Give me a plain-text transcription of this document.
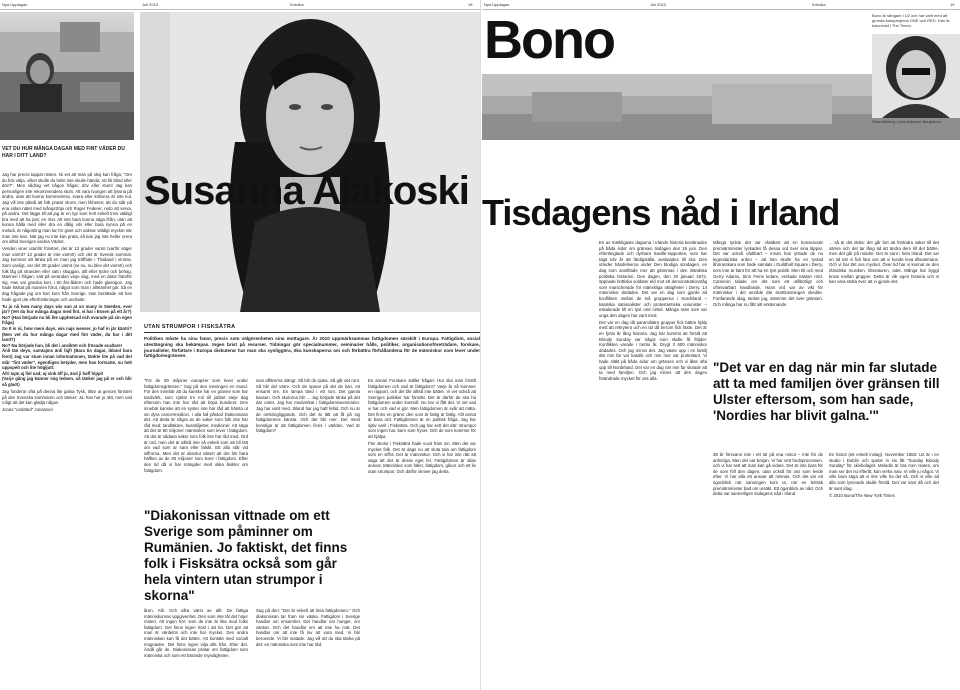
Nya Upplagan	Juli 2010	Krönika	18
VET DU HUR MÅNGA DAGAR MED FINT VÄDER DU HAR I DITT LAND?

Jag har precis tappat rösten. Ni vet att man på skoj kan fråga; "Om du fick välja, vilket skulle du helst inte skulle hända: Att bli blind eller döv?". Men sådrag vet någon frågar; döv eller stum! Jag kan personligen inte rekommendera stum. Att vara tvungen att lyssna på andra, utan att kunna kommentera, svara eller kritisera är inte kul. Jag vill inte påstå att folk pratar strunt, men likheten; att du står på ena sidan nätet med tvångströja och Roger Federer, redo att serva, på andra. Det läggs till att jag är en typ som helt enkelt trivs väldigt bra med att ha just; en röst. Att inte bara kunna säga ifrån, utan att kunna hålla med eller dra en dålig vits eller bara nynna på en melodi, är någonting man tar för givet och saknar väldigt mycket när man inte kan. När jag nu inte kan prata, så kan jag inte heller orera om alltid Sveriges vackra Vädret.

Venden viner utanför fönstret, det är 13 grader varmt (varför säger man varmt? 13 grader är inte varmt!) och det är Svensk sommar. Jag kommer att tänka på en man jag träffade i Thailand i vintras. Som vanligt, var det 30 grader varmt (se nu, nu blev det varmt!) och folk låg på stranden eller satt i skuggan, allt efter tycke och behag. Mannen i frågan; satt på verandan varje dag, med en dator framför sig. Han var ganska kort, i 60 års-åldern och hade glasögon. Jag hade hälsat på mannen förut, något som man i allmänhet gör. Så en dag frågade jag om han kom från Sverige. Han berättade att han hade gjort ute efterforskningar och undrade:

Tu jo nå how many days wis sun at so many in Sweden, ever jär? (Vet du hur många dagar med fint, vi har i Essen på ett år?)
No? (Han började nu bli lite upphetsad och svarade på sin egen fråga)
So It is ni, how meni days, wis najs wesser, jo haf in jär käntri? (Men vet du hur många dagar med fint väder, du har i ditt land?)
No? Nu började han, bli det i ansiktet och frösade ecaltare!
Änli tän deys, samtajms änli fajf! (Bara tio dagar, ibland bara fem!) Jag var stum innan informationen, tänkte lite på vad det står "fint väder", egentligen betyder, men han fortsatte, nu helt uppspelt och lite högljutt:
Äfri tajm aj fiel sad; aj sink äff ju, änd ji haff hippi!
(Varje gång jag känner mig ledsen, så tänker jag på er och blir så glad!)

Jag funderar ofta på denna lite galna Tysk, tittar ut genom fönstret på den Svenska sommaren och tänker: Ja, han har ju rätt, men vad roligt att det kan glädja någon.

Jonas "undated" Jonasson

Susanna Alakoski
UTAN STRUMPOR I FISKSÄTRA
Politiken måste ha sina fanor, precis som välgörenheten sina mottagare. År 2010 uppmärksammas fattigdomen särskilt i Europa. Fattigdom, social utestängning ska bekämpas. Ingen brist på resurser. Tidningar gör specialnummer, seminarier hålls, politiker, organisationsföreträdare, forskare, journalister, författare i Europa diskuterar hur man ska synliggöra, öka kunskaperna om och förbättra förhållandena för de människor som lever under fattigdomsgränsen.

"För de 80 miljoner européer som lever under fattigdomsgränsen." Sug på den meningen en stund. För den innebär att du kanske har en granne som har tandvärk, som cyklar tre mil till jobbet varje dag eftersom han inte har råd att köpa busskort. Den innebär kanske att en syster inte har råd att hämta ut sin dyra cancermedicin. I alla fall påstod Diakonissan det. Att detta är några av de saker som folk inte har råd med: tandläkare, bussbiljetter, mediciner. Att säga att det är 80 miljoner människor som lever i fattigdom. Att det är sådana saker som folk inte har råd med. Ord är ord, men det är alltså inte så enkelt som att bli lätt om vad som är sant eller falskt. Ett alla står vid siffrorna. Men det är absolut säkert att det blir bara hälften av de 80 miljoner som lever i fattigdom. Efter den tid då vi har mängder med olika åsikter om fattigdom.

som affärerna slängt. Så blir de sjuka. Så går det runt. Så blir det värre. Och de sparar på det de kan, ett ensamt öre. En lampa tänd i ett rum. Det gamla kassen. Och skolorna blir ... Jag började tänka på det där ordet. Jag har medverkat i fattigdomsseminarier. Jag har varit med. Ibland har jag haft feltid. Och nu är de omkringliggande. Och det är lätt att få på sig fattigdomens känsla. Och det blir mer. Det mest konstiga är att fattigdomen finns i världen. Vad är fattigdom?

En annan Forskare ställer frågan: Hur ska man förstå fattigdomen och vad är fattigdom? Varje år så kommer en rapport, och det blir alltså inte bättre. Vi vet också att Sveriges politiker har försökt. Det är därför de ska ha fattigdomen under kontroll. Nu har vi fått det. Vi vet vad vi har och vad vi gör. Men fattigdomen är svår att mäta. Det finns en gräns: den som är fattig är fattig. Allt annat är bara ord. Fattigdomen är en politisk fråga. Jag har själv varit i Fisksätra. Och jag har sett det där: strumpor som ingen har, barn som fryser. Och de som kommer för att hjälpa.

Fler skolor i Fisksätra hade vuxit fram sin. Men det var mycket folk. Det är dags nu att sluta tala om fattigdom som en siffra. Det är människor. Och vi har inte rätt att säga att det är deras eget fel. Fattigdomen är allas ansvar. Människor som faller, fattigdom, gåvor och ett liv utan strumpor. Och därför skriver jag detta.

"Diakonissan vittnade om ett Sverige som påminner om Rumänien. Jo faktiskt, det finns folk i Fisksätra också som går hela vintern utan strumpor i skorna"

åren. Allt. Och allra värst av allt: De fattiga människornas uppgivenhet. Den som inte tål det höjer rösten. Att ingen hör; som de inte är lika med folks fattigdom. Det finns ingen tröst i att ha. Det gör att man är värdelös och inte har mycket. Den andra människan kan få det bättre. Att kontakt med socialt mognaden. Det finns ingen vilja alls från. Efter det. Ändå går de. Diakonissan pratar om fattigdom som människa och som ett bärande myndigheten.

Sug på den: "Det är enkelt att lösa fattigdomen." Och diakonissan tar fram sin väska. Fattigdom i Sverige handlar om ensamhet. Det handlar om hunger, om väntan. Och det handlar om att inte ha mat. Det handlar om att inte få lov att vara med. Vi blir beroende. Vi blir matade. Jag vill att du ska tänka på det: en människa som inte har råd.

Nya Upplagan	Juli 2010	Krönika	19
Bono	Bono är sångare i U2 och har varit med att grunda kampanjerna ONE och RED. Han är kolumnist i The Times.
Översättning: Lotta Askaner Bergström
Tisdagens nåd i Irland

En av märkligaste dagarna i Irlands historia bevittnades på båda sidor om gränsen tisdagen den 15 juni. Den efterlängtade och dyrbara Saville-rapporten, som har tagit tolv år att färdigställa, avslutades till slut. Den utreder händelserna under Den blodiga söndagen, en dag som anstiftade mer att glömmas i den irländska politiska historien. Den dagen, den 30 januari 1972, öppnade brittiska soldater eld mot ett demonstrationståg som marscherade för mänskliga rättigheter i Derry. 14 människor dödades. Det var en dag som gjorde att konflikten mellan de två grupperna i Nordirland – katolska nationalister och protestantiska unionister – eskalerade till en tyst ond cirkel. Många män som var unga den dagen har varit med.

Det var en dag då paramilitära grupper fick bättre hjälp med att rekrytera och en tid då terrorn fick fäste. Det är en fyrtio år lång historia. Jag har kommit att förstå att Bloody Sunday var något som skulle få följder. Konflikten varade i trettio år. Drygt 3 600 människor dödades. Och jag minns det. Jag växte upp i en familj där min far var katolik och min mor var protestant. Vi hade släkt på båda sidor om gränsen och vi åkte ofta upp till Nordirland. Det var en dag när min far slutade att ta med familjen. Och jag minns att den dagen förändrade mycket för oss alla.

Många tyckte det var ofattbart att en konservativ premiärminister lyckades få dessa ord över sina läppar. Det var också ofattbart – innan han yttrade de nu legendariska orden – att han skulle ha en tystad åhörarskara som hade samlats i Guildhall Square i Derry, som inte är känt för att ha en tyst publik. Men till och med Gerry Adams, Sinn Feins ledare, verkade nästan rörd. Cameron talade om det som ett otillbörligt och oförsvarbart handlande. Hans ord var av vikt för människor i det område där skottlossningen skedde. Fortfarande idag, tänkte jag, stämmer det över gränsen. Och många har nu fått sitt erkännande.

"Det var en dag när min far slutade att ta med familjen över gränsen till Ulster eftersom, som han sade, 'Nordies har blivit galna.'"

38 år försvann inte i ett tal på ena minut – inte för de anhöriga. Men det var början. Vi har sett fredsprocessen, och vi har sett att man kan gå vidare. Det är inte bara för de som föll den dagen, utan också för oss som levde efter. Vi har alla ett ansvar att minnas. Och det var ett ögonblick när sanningen kom ut, när en brittisk premiärminister bad om ursäkt. Ett ögonblick av nåd. Och detta var sannerligen tisdagens nåd i Irland.

... så är det detta: det går fort att förändra saker till det sämre och det tar lång tid att ändra dem till det bättre, men det går på mindre. Det är sant i hela Irland. Det var en tid när vi fick lära oss att vi kunde leva tillsammans. Och vi har lärt oss mycket. Över tid har vi kunnat se den irländska musiken, litteraturen, ödet. Många har byggt broar mellan grupper. Detta är vår egen historia och vi kan vara stolta över att vi gjorde det.

En fotnot (ett enkelt inslag). November 1983: U2 är i en studio i Dublin och spelar in sin låt "Sunday Bloody Sunday" för skivbolaget. Melodin är bra men texten, om man ser det nu efteråt, kan verka naiv. Vi ville ju något. Vi ville bara säga att vi inte ville ha det så. Och vi ville att alla som lyssnade skulle förstå. Det var sant då och det är sant idag.

© 2010 Bono/The New York Times
